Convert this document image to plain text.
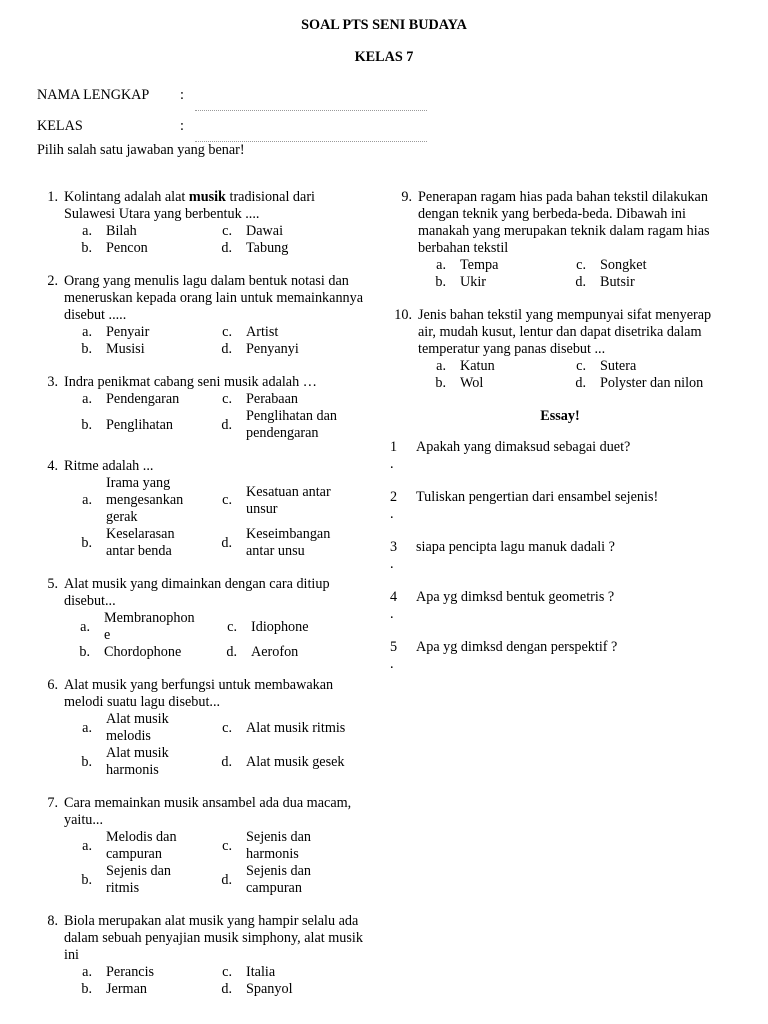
SOAL PTS SENI BUDAYA
KELAS 7
NAMA LENGKAP :
KELAS	:
Pilih salah satu jawaban yang benar!
1. Kolintang adalah alat musik tradisional dari Sulawesi Utara yang berbentuk ....
a.	Bilah	c.	Dawai
b.	Pencon	d.	Tabung
2. Orang yang menulis lagu dalam bentuk notasi dan meneruskan kepada orang lain untuk memainkannya disebut .....
a.	Penyair	c.	Artist
b.	Musisi	d.	Penyanyi
3. Indra penikmat cabang seni musik adalah …
a.	Pendengaran	c.	Perabaan
b.	Penglihatan	d.	Penglihatan dan pendengaran
4. Ritme adalah ...
a.	Irama yang mengesankan gerak	c.	Kesatuan antar unsur
b.	Keselarasan antar benda	d.	Keseimbangan antar unsu
5. Alat musik yang dimainkan dengan cara ditiup disebut...
a.	Membranophon e	c.	Idiophone
b.	Chordophone	d.	Aerofon
6. Alat musik yang berfungsi untuk membawakan melodi suatu lagu disebut...
a.	Alat musik melodis	c.	Alat musik ritmis
b.	Alat musik harmonis	d.	Alat musik gesek
7. Cara memainkan musik ansambel ada dua macam, yaitu...
a.	Melodis dan campuran	c.	Sejenis dan harmonis
b.	Sejenis dan ritmis	d.	Sejenis dan campuran
8. Biola merupakan alat musik yang hampir selalu ada dalam sebuah penyajian musik simphony, alat musik ini
a.	Perancis	c.	Italia
b.	Jerman	d.	Spanyol
9. Penerapan ragam hias pada bahan tekstil dilakukan dengan teknik yang berbeda-beda. Dibawah ini manakah yang merupakan teknik dalam ragam hias berbahan tekstil
a.	Tempa	c.	Songket
b.	Ukir	d.	Butsir
10. Jenis bahan tekstil yang mempunyai sifat menyerap air, mudah kusut, lentur dan dapat disetrika dalam temperatur yang panas disebut ...
a.	Katun	c.	Sutera
b.	Wol	d.	Polyster dan nilon
Essay!
1
.
Apakah yang dimaksud sebagai duet?
2
.
Tuliskan pengertian dari ensambel sejenis!
3
.
siapa pencipta lagu manuk dadali ?
4
.
Apa yg dimksd bentuk geometris ?
5
.
Apa yg dimksd dengan perspektif ?
